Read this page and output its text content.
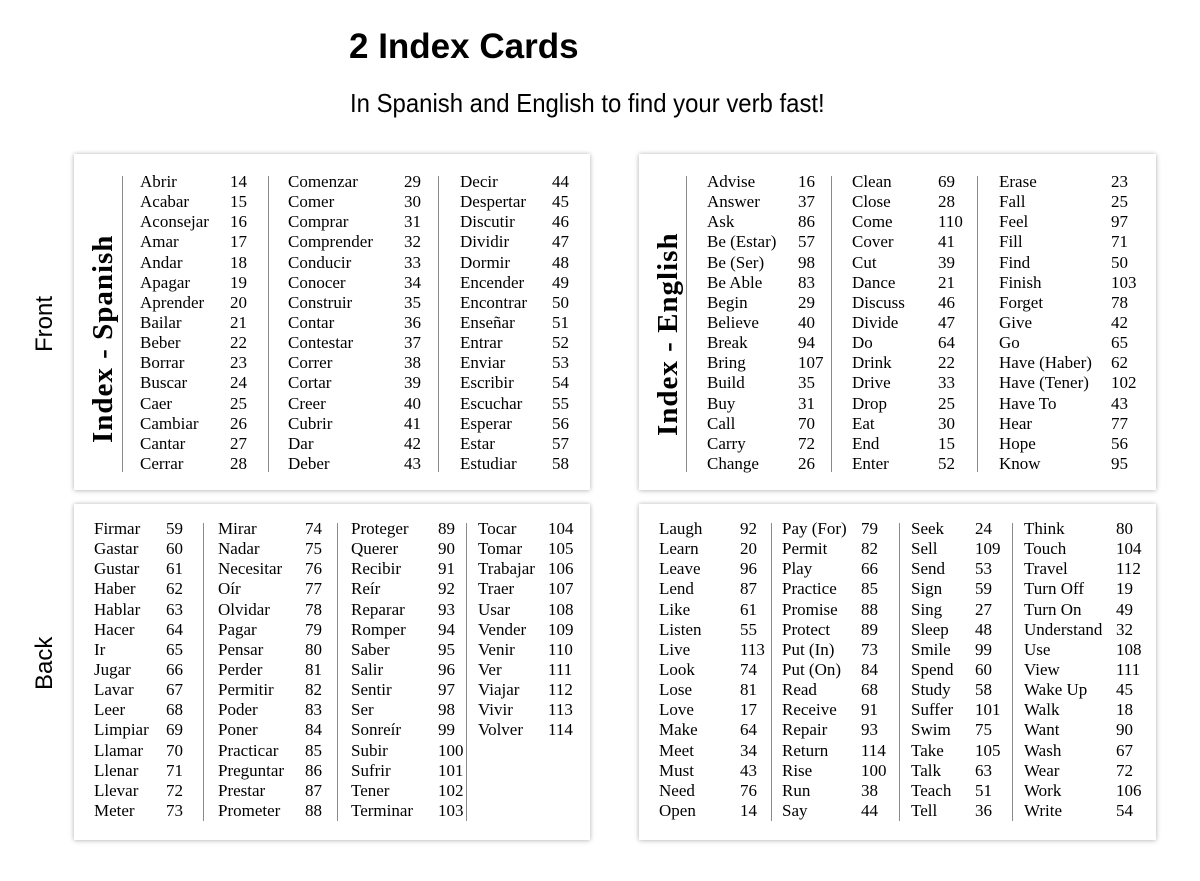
2 Index Cards

In Spanish and English to find your verb fast!

Front
Back
Index - Spanish
Abrir	14
Acabar 15
Aconsejar 16
Amar	17
Andar	18
Apagar 19
Aprender 20
Bailar	21
Beber	22
Borrar	23
Buscar	24
Caer	25
Cambiar 26
Cantar	27
Cerrar	28
Comenzar	29
Comer	30
Comprar	31
Comprender 32
Conducir	33
Conocer	34
Construir	35
Contar	36
Contestar	37
Correr	38
Cortar	39
Creer	40
Cubrir	41
Dar	42
Deber	43
Decir	44
Despertar 45
Discutir 46
Dividir	47
Dormir 48
Encender 49
Encontrar 50
Enseñar 51
Entrar	52
Enviar	53
Escribir 54
Escuchar 55
Esperar 56
Estar	57
Estudiar 58
Index - English
Advise	16
Answer 37
Ask	86
Be (Estar) 57
Be (Ser) 98
Be Able 83
Begin	29
Believe 40
Break	94
Bring	107
Build	35
Buy	31
Call	70
Carry	72
Change 26
Clean	69
Close	28
Come	110
Cover	41
Cut	39
Dance	21
Discuss 46
Divide 47
Do	64
Drink	22
Drive	33
Drop	25
Eat	30
End	15
Enter	52
Erase	23
Fall	25
Feel	97
Fill	71
Find	50
Finish	103
Forget	78
Give	42
Go	65
Have (Haber) 62
Have (Tener) 102
Have To	43
Hear	77
Hope	56
Know	95
Firmar 59
Gastar 60
Gustar 61
Haber 62
Hablar 63
Hacer 64
Ir	65
Jugar 66
Lavar 67
Leer 68
Limpiar 69
Llamar 70
Llenar 71
Llevar 72
Meter 73
Mirar	74
Nadar	75
Necesitar 76
Oír	77
Olvidar 78
Pagar	79
Pensar 80
Perder	81
Permitir 82
Poder	83
Poner	84
Practicar 85
Preguntar 86
Prestar 87
Prometer 88
Proteger 89
Querer 90
Recibir 91
Reír	92
Reparar 93
Romper 94
Saber	95
Salir	96
Sentir	97
Ser	98
Sonreír 99
Subir	100
Sufrir	101
Tener	102
Terminar 103
Tocar 104
Tomar 105
Trabajar 106
Traer 107
Usar 108
Vender 109
Venir 110
Ver	111
Viajar 112
Vivir 113
Volver 114
Laugh 92
Learn 20
Leave 96
Lend	87
Like	61
Listen 55
Live	113
Look	74
Lose	81
Love	17
Make 64
Meet	34
Must	43
Need	76
Open	14
Pay (For) 79
Permit 82
Play	66
Practice 85
Promise 88
Protect 89
Put (In) 73
Put (On) 84
Read	68
Receive 91
Repair 93
Return 114
Rise	100
Run	38
Say	44
Seek 24
Sell 109
Send 53
Sign 59
Sing 27
Sleep 48
Smile 99
Spend 60
Study 58
Suffer 101
Swim 75
Take 105
Talk 63
Teach 51
Tell 36
Think	80
Touch	104
Travel	112
Turn Off 19
Turn On 49
Understand 32
Use	108
View	111
Wake Up 45
Walk	18
Want	90
Wash	67
Wear	72
Work	106
Write	54
